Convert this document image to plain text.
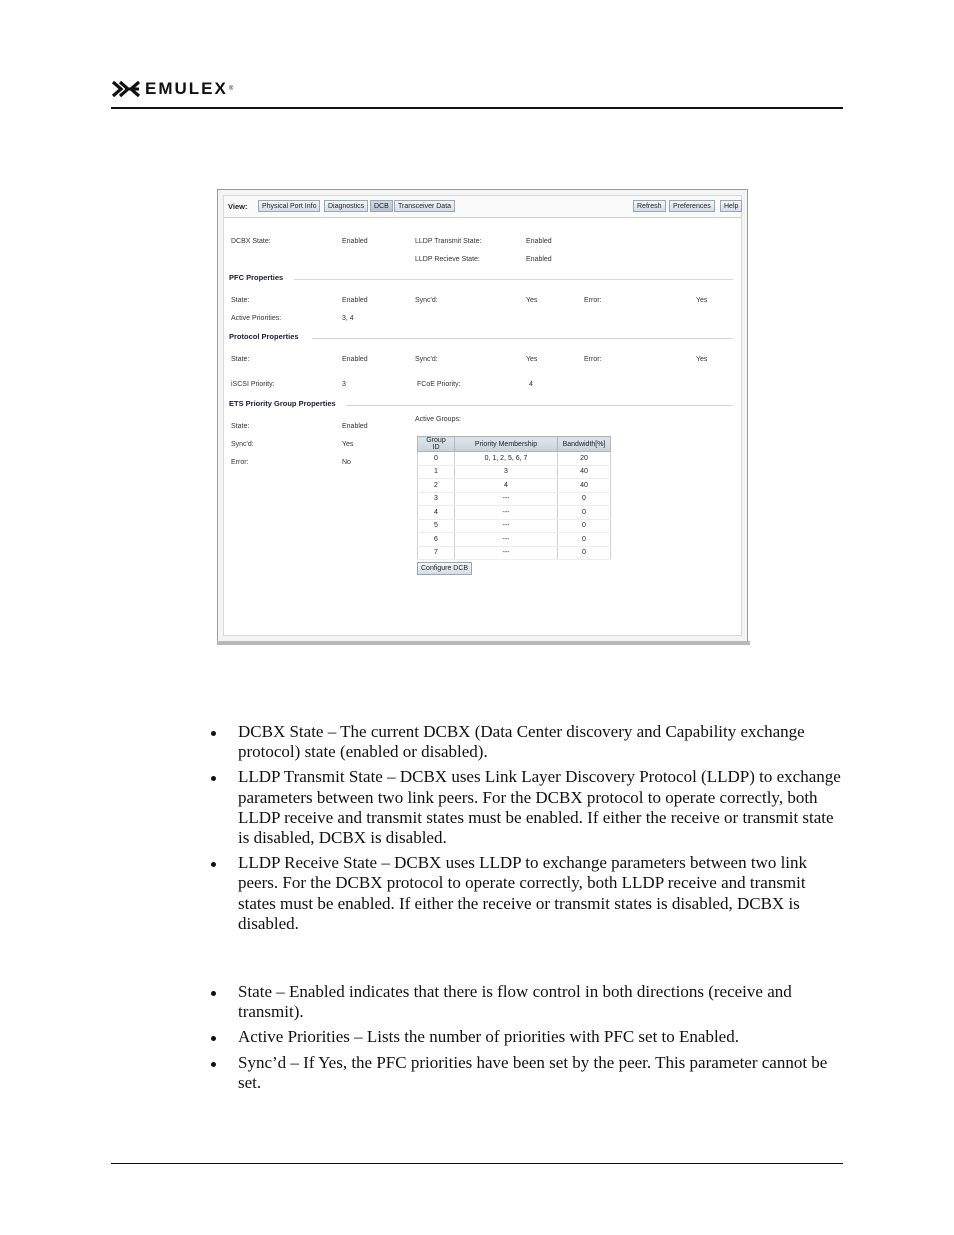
EMULEX ®
View:	Physical Port Info	Diagnostics	DCB	Transceiver Data	Refresh	Preferences	Help
DCBX State:	Enabled	LLDP Transmit State:	Enabled
LLDP Recieve State:	Enabled
PFC Properties
State:	Enabled	Sync'd:	Yes	Error:	Yes
Active Priorities:	3, 4
Protocol Properties
State:	Enabled	Sync'd:	Yes	Error:	Yes
iSCSI Priority:	3	FCoE Priority:	4
ETS Priority Group Properties
State:	Enabled
Sync'd:	Yes
Error:	No
Active Groups:
Group ID	Priority Membership	Bandwidth[%]
0	0, 1, 2, 5, 6, 7	20
1	3	40
2	4	40
3	---	0
4	---	0
5	---	0
6	---	0
7	---	0
Configure DCB
DCBX State – The current DCBX (Data Center discovery and Capability exchange protocol) state (enabled or disabled).
LLDP Transmit State – DCBX uses Link Layer Discovery Protocol (LLDP) to exchange parameters between two link peers. For the DCBX protocol to operate correctly, both LLDP receive and transmit states must be enabled. If either the receive or transmit state is disabled, DCBX is disabled.
LLDP Receive State – DCBX uses LLDP to exchange parameters between two link peers. For the DCBX protocol to operate correctly, both LLDP receive and transmit states must be enabled. If either the receive or transmit states is disabled, DCBX is disabled.
State – Enabled indicates that there is flow control in both directions (receive and transmit).
Active Priorities – Lists the number of priorities with PFC set to Enabled.
Sync’d – If Yes, the PFC priorities have been set by the peer. This parameter cannot be set.
